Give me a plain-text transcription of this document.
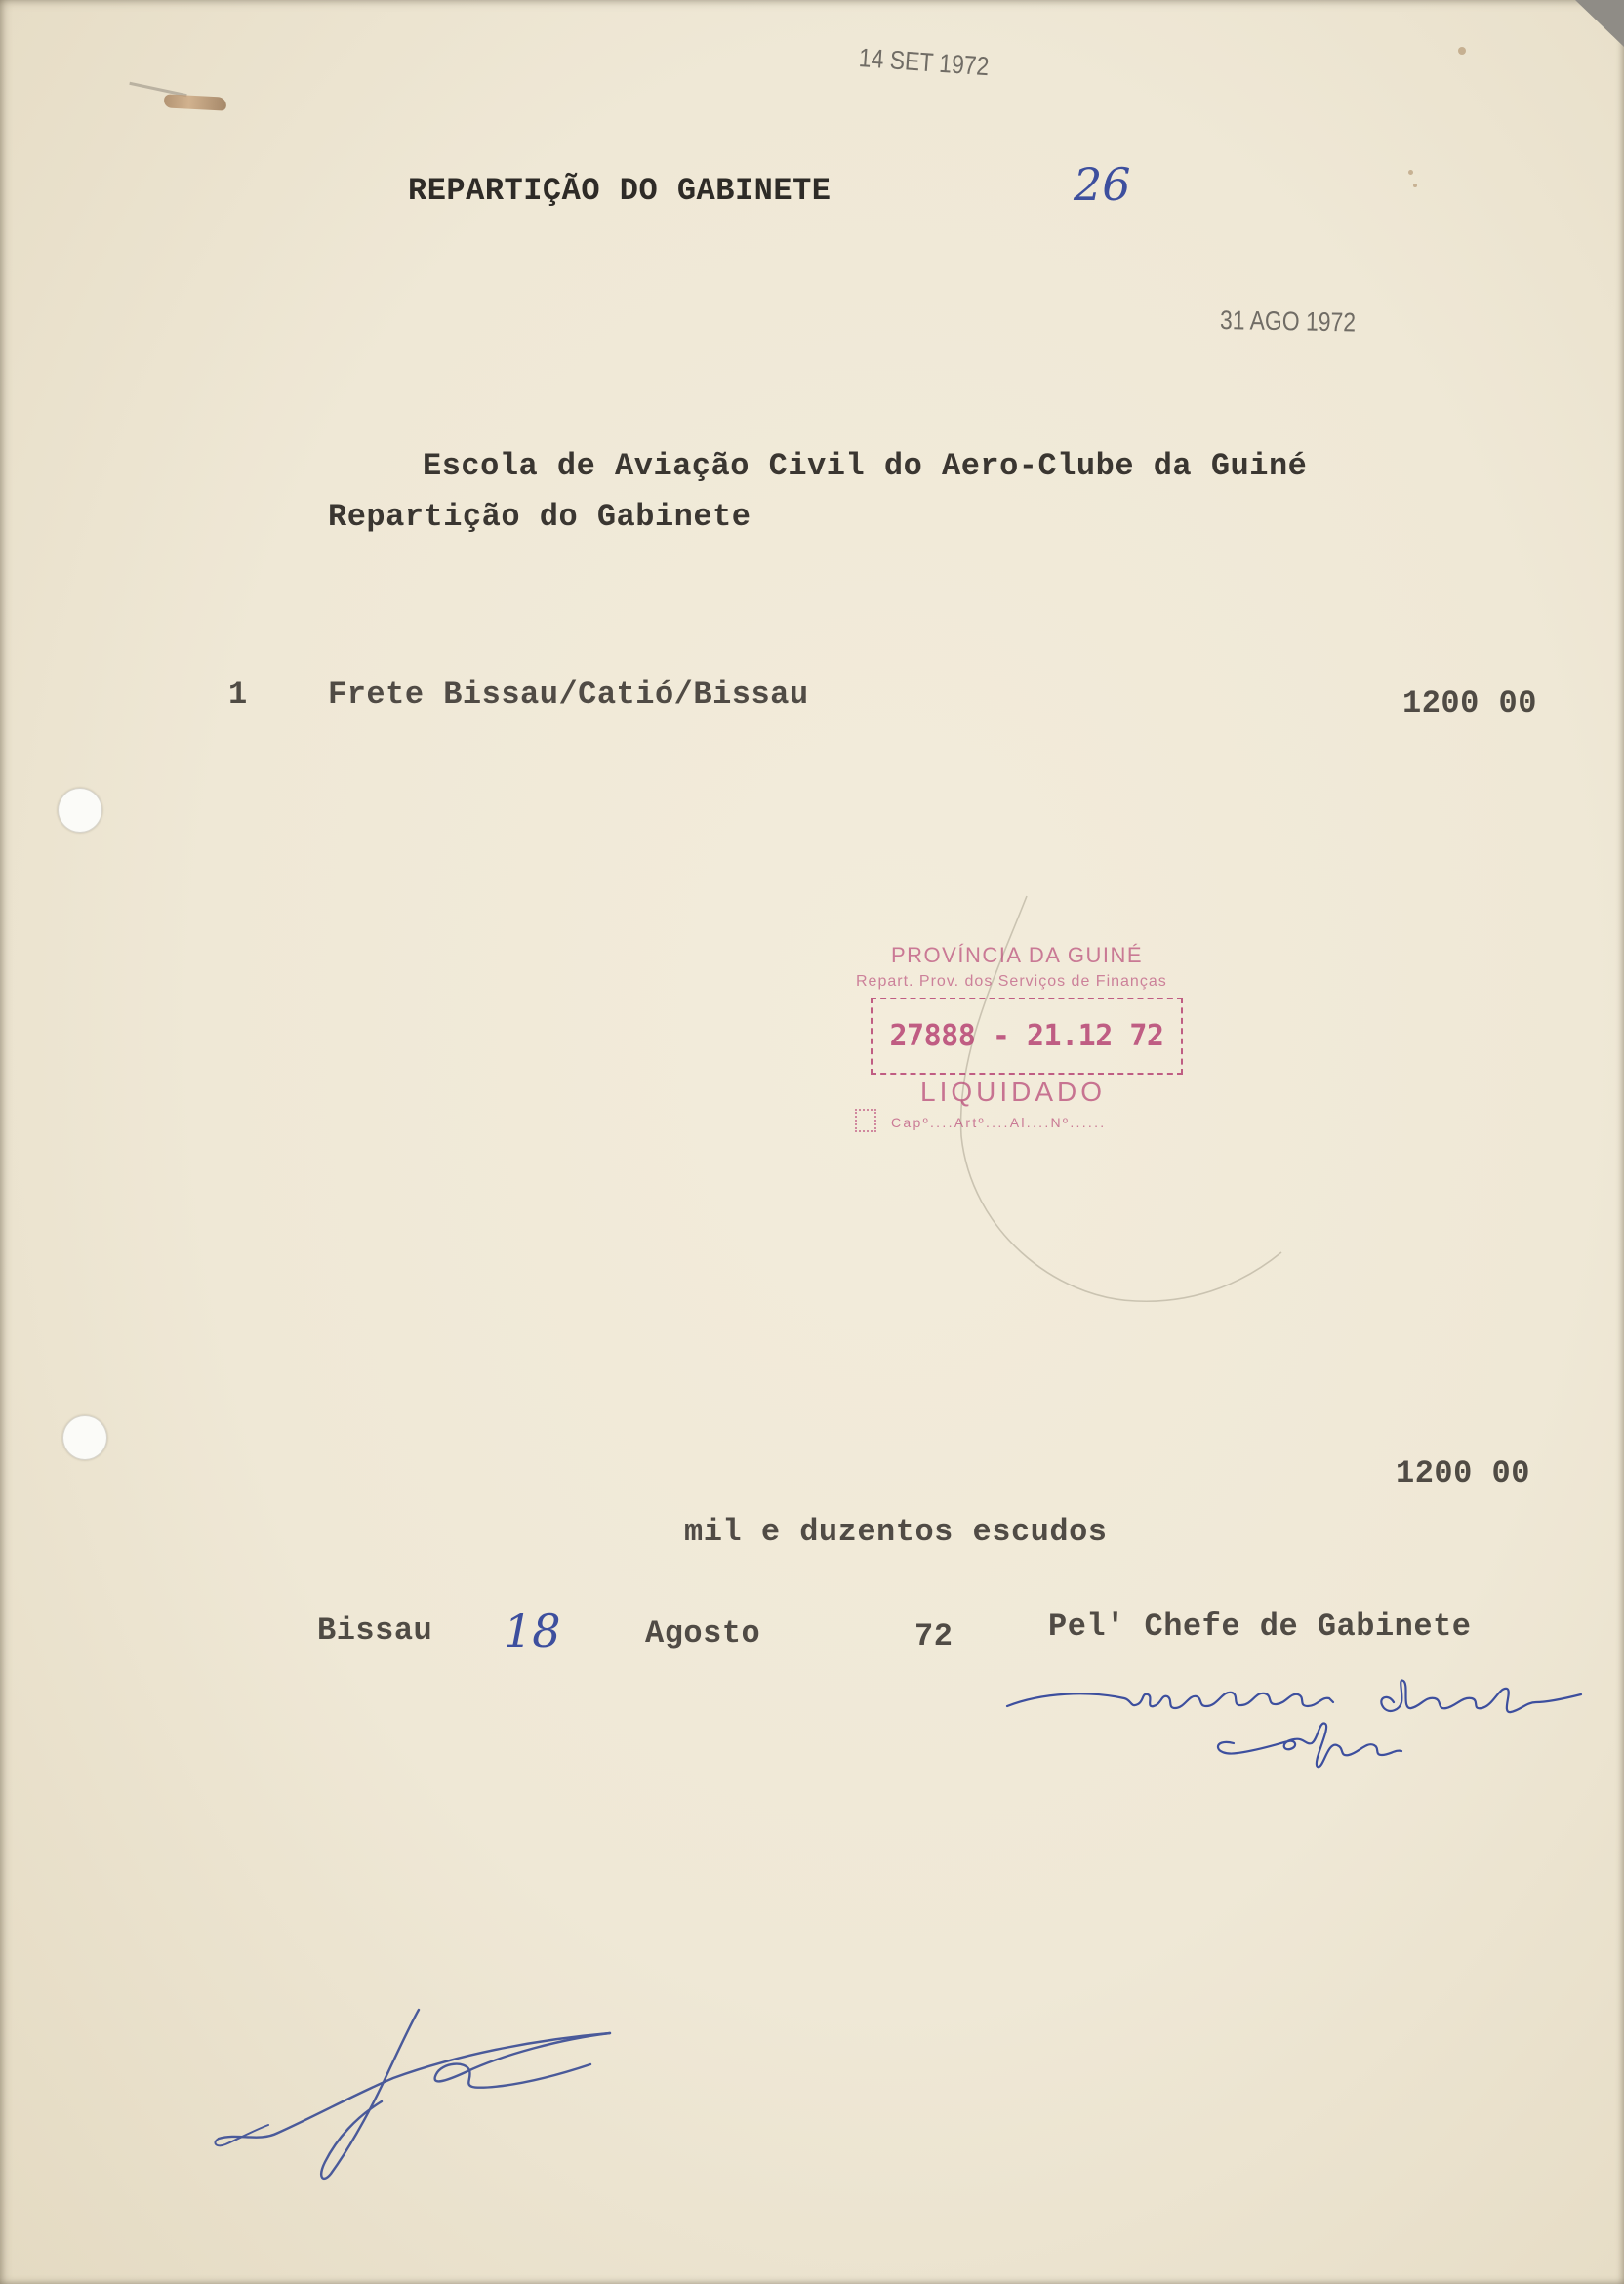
14 SET 1972
31 AGO 1972
REPARTIÇÃO DO GABINETE	26
Escola de Aviação Civil do Aero-Clube da Guiné
Repartição do Gabinete
1	Frete Bissau/Catió/Bissau	1200 00
PROVÍNCIA DA GUINÉ
Repart. Prov. dos Serviços de Finanças
27888 - 21.12 72
LIQUIDADO
Capº....Artº....Al....Nº......
1200 00
mil e duzentos escudos
Bissau 18	Agosto	72	Pel' Chefe de Gabinete
